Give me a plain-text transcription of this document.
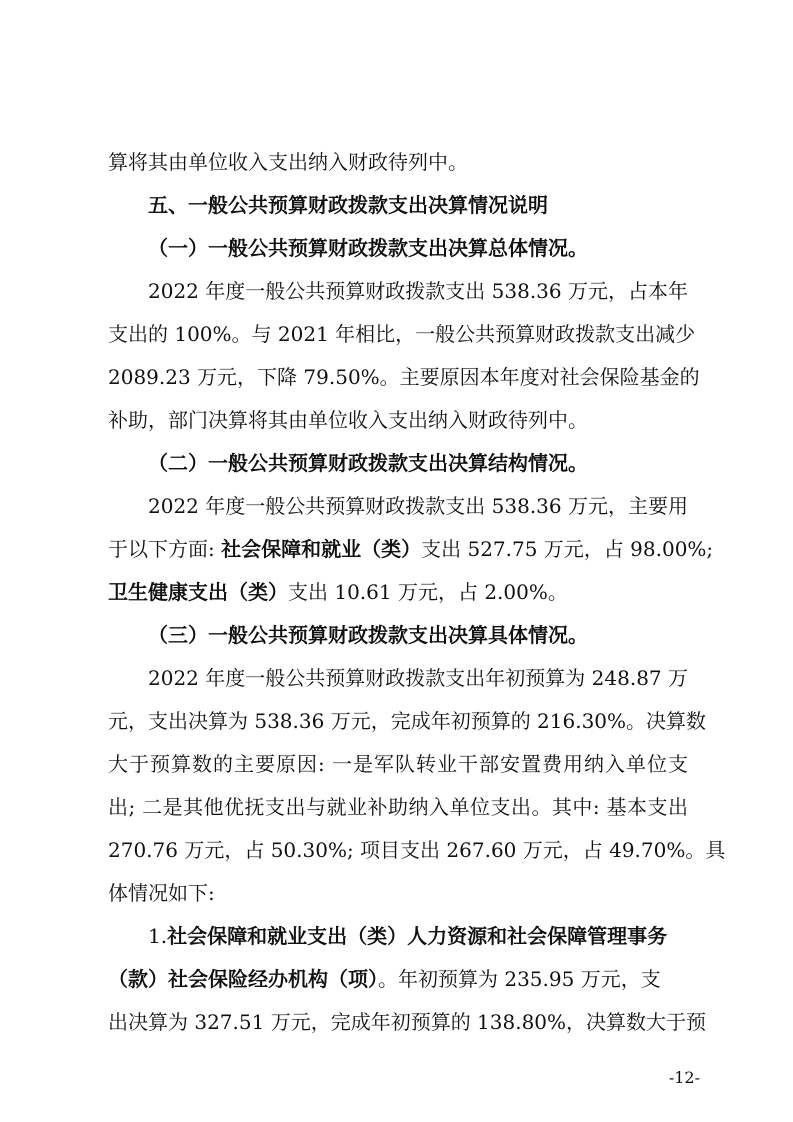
算将其由单位收入支出纳入财政待列中。
五、一般公共预算财政拨款支出决算情况说明
（一）一般公共预算财政拨款支出决算总体情况。
2022 年度一般公共预算财政拨款支出 538.36 万元，占本年
支出的 100%。与 2021 年相比，一般公共预算财政拨款支出减少
2089.23 万元，下降 79.50%。主要原因本年度对社会保险基金的
补助，部门决算将其由单位收入支出纳入财政待列中。
（二）一般公共预算财政拨款支出决算结构情况。
2022 年度一般公共预算财政拨款支出 538.36 万元，主要用
于以下方面: 社会保障和就业（类）支出 527.75 万元，占 98.00%;
卫生健康支出（类）支出 10.61 万元，占 2.00%。
（三）一般公共预算财政拨款支出决算具体情况。
2022 年度一般公共预算财政拨款支出年初预算为 248.87 万
元，支出决算为 538.36 万元，完成年初预算的 216.30%。决算数
大于预算数的主要原因: 一是军队转业干部安置费用纳入单位支
出; 二是其他优抚支出与就业补助纳入单位支出。其中: 基本支出
270.76 万元，占 50.30%; 项目支出 267.60 万元，占 49.70%。具
体情况如下:
1.社会保障和就业支出（类）人力资源和社会保障管理事务
（款）社会保险经办机构（项）。年初预算为 235.95 万元，支
出决算为 327.51 万元，完成年初预算的 138.80%，决算数大于预
-12-
